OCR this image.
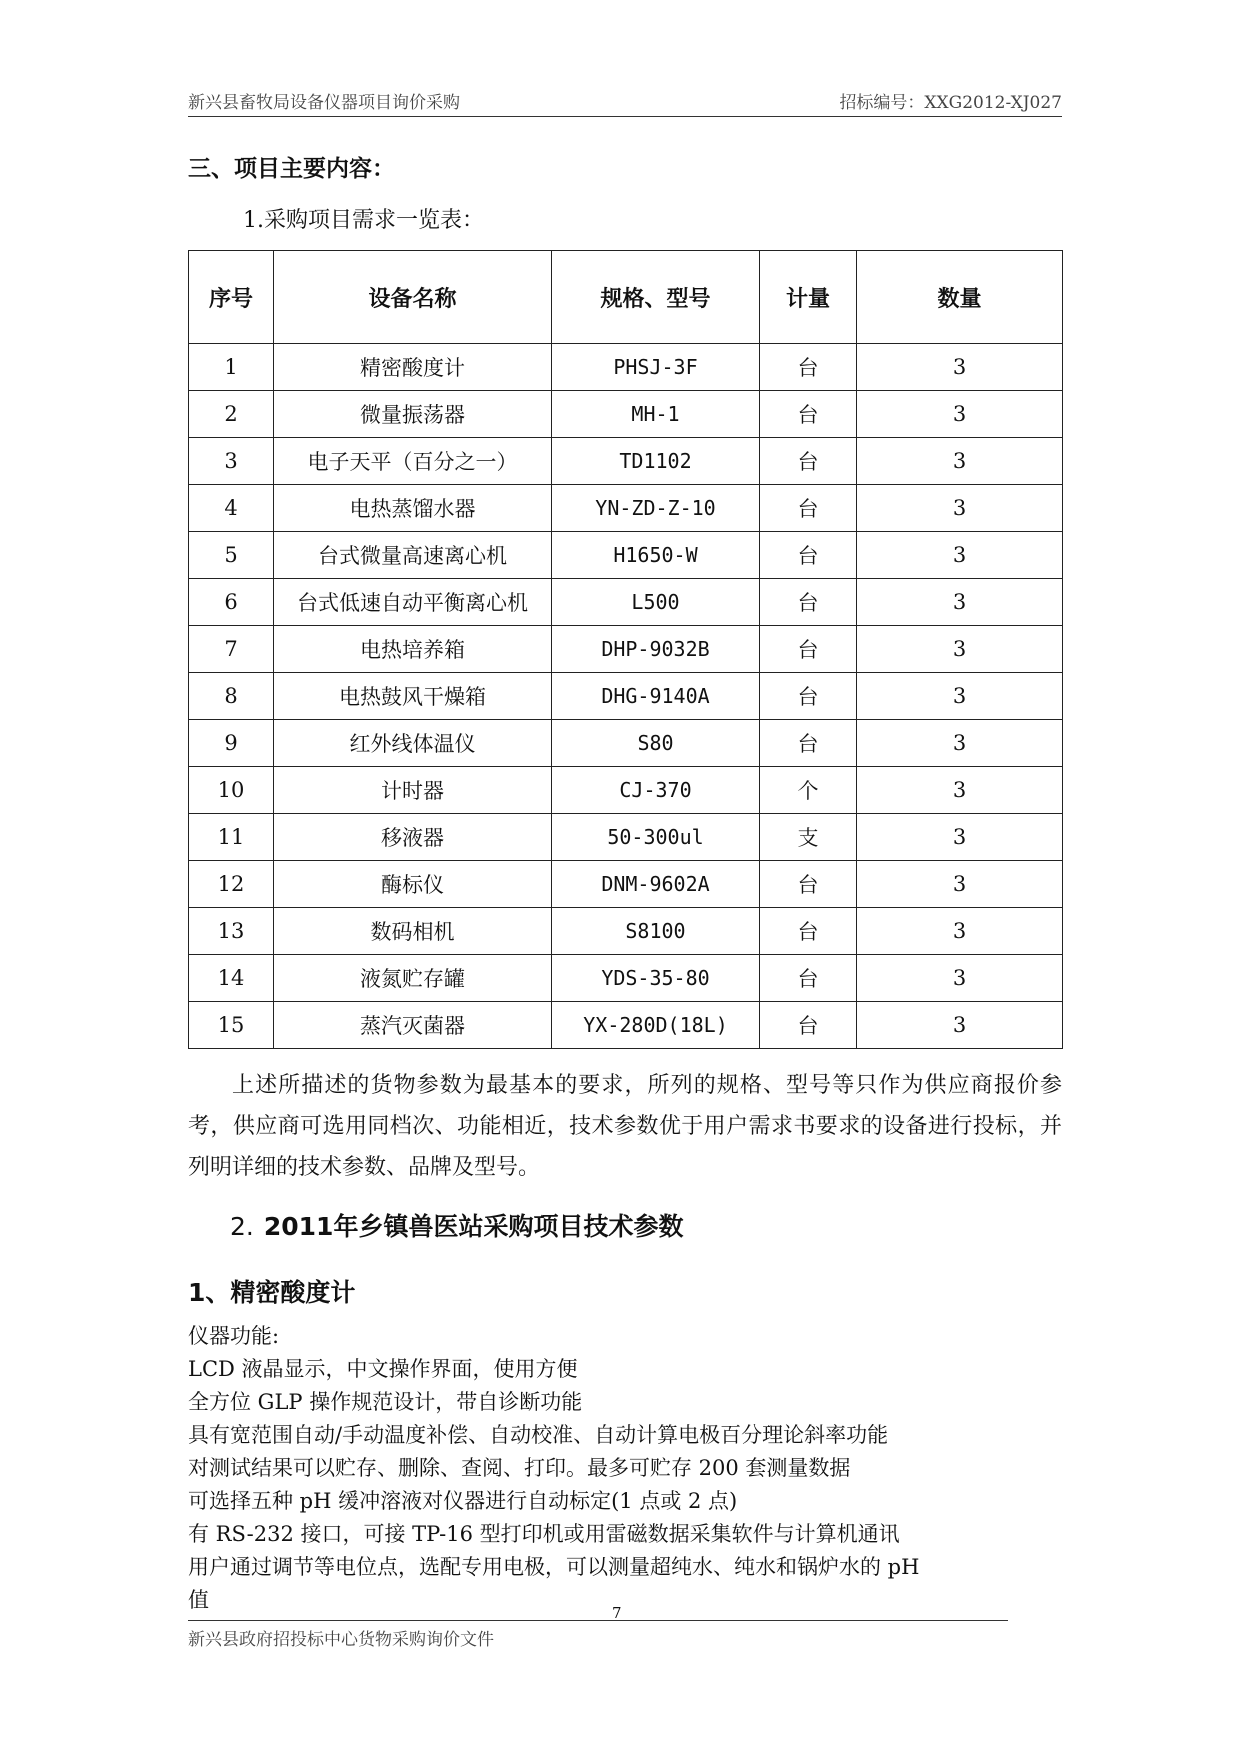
新兴县畜牧局设备仪器项目询价采购	招标编号：XXG2012-XJ027
三、项目主要内容：
1.采购项目需求一览表：
序号	设备名称	规格、型号	计量	数量
1	精密酸度计	PHSJ-3F	台	3
2	微量振荡器	MH-1	台	3
3	电子天平（百分之一）	TD1102	台	3
4	电热蒸馏水器	YN-ZD-Z-10	台	3
5	台式微量高速离心机	H1650-W	台	3
6	台式低速自动平衡离心机	L500	台	3
7	电热培养箱	DHP-9032B	台	3
8	电热鼓风干燥箱	DHG-9140A	台	3
9	红外线体温仪	S80	台	3
10	计时器	CJ-370	个	3
11	移液器	50-300ul	支	3
12	酶标仪	DNM-9602A	台	3
13	数码相机	S8100	台	3
14	液氮贮存罐	YDS-35-80	台	3
15	蒸汽灭菌器	YX-280D(18L)	台	3
上述所描述的货物参数为最基本的要求，所列的规格、型号等只作为供应商报价参考，供应商可选用同档次、功能相近，技术参数优于用户需求书要求的设备进行投标，并列明详细的技术参数、品牌及型号。
2. 2011年乡镇兽医站采购项目技术参数
1、精密酸度计
仪器功能:
LCD 液晶显示，中文操作界面，使用方便
全方位 GLP 操作规范设计，带自诊断功能
具有宽范围自动/手动温度补偿、自动校准、自动计算电极百分理论斜率功能
对测试结果可以贮存、删除、查阅、打印。最多可贮存 200 套测量数据
可选择五种 pH 缓冲溶液对仪器进行自动标定(1 点或 2 点)
有 RS-232 接口，可接 TP-16 型打印机或用雷磁数据采集软件与计算机通讯
用户通过调节等电位点，选配专用电极，可以测量超纯水、纯水和锅炉水的 pH
值
7
新兴县政府招投标中心货物采购询价文件
